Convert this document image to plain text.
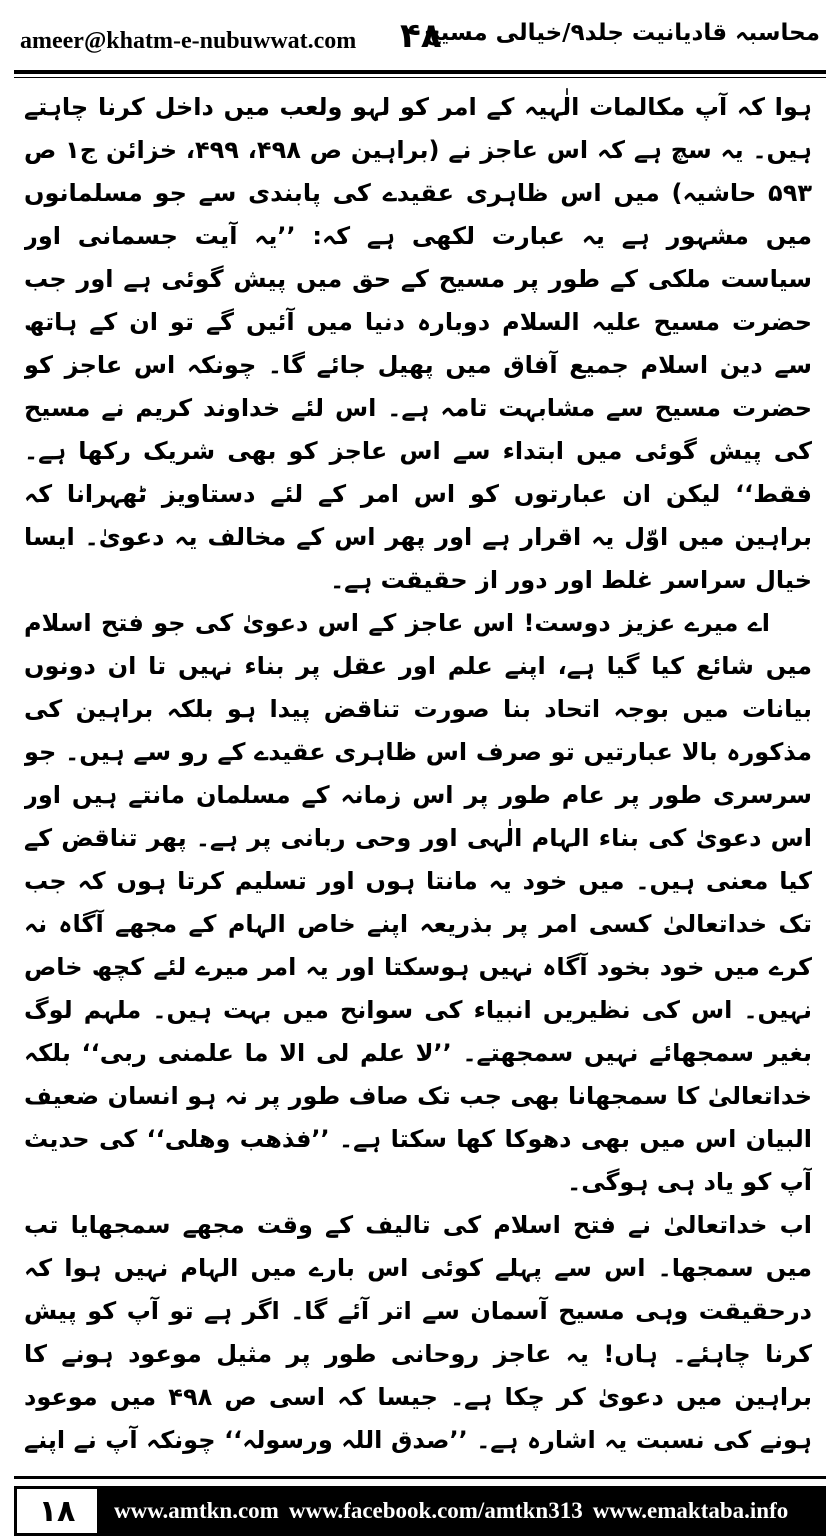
ameer@khatm-e-nubuwwat.com ۴۸
محاسبہ قادیانیت جلد۹/خیالی مسیح

ہوا کہ آپ مکالمات الٰہیہ کے امر کو لہو ولعب میں داخل کرنا چاہتے ہیں۔ یہ سچ ہے کہ اس عاجز نے (براہین ص ۴۹۸، ۴۹۹، خزائن ج۱ ص ۵۹۳ حاشیہ) میں اس ظاہری عقیدے کی پابندی سے جو مسلمانوں میں مشہور ہے یہ عبارت لکھی ہے کہ: ’’یہ آیت جسمانی اور سیاست ملکی کے طور پر مسیح کے حق میں پیش گوئی ہے اور جب حضرت مسیح علیہ السلام دوبارہ دنیا میں آئیں گے تو ان کے ہاتھ سے دین اسلام جمیع آفاق میں پھیل جائے گا۔ چونکہ اس عاجز کو حضرت مسیح سے مشابہت تامہ ہے۔ اس لئے خداوند کریم نے مسیح کی پیش گوئی میں ابتداء سے اس عاجز کو بھی شریک رکھا ہے۔ فقط‘‘ لیکن ان عبارتوں کو اس امر کے لئے دستاویز ٹھہرانا کہ براہین میں اوّل یہ اقرار ہے اور پھر اس کے مخالف یہ دعویٰ۔ ایسا خیال سراسر غلط اور دور از حقیقت ہے۔

اے میرے عزیز دوست! اس عاجز کے اس دعویٰ کی جو فتح اسلام میں شائع کیا گیا ہے، اپنے علم اور عقل پر بناء نہیں تا ان دونوں بیانات میں بوجہ اتحاد بنا صورت تناقض پیدا ہو بلکہ براہین کی مذکورہ بالا عبارتیں تو صرف اس ظاہری عقیدے کے رو سے ہیں۔ جو سرسری طور پر عام طور پر اس زمانہ کے مسلمان مانتے ہیں اور اس دعویٰ کی بناء الہام الٰہی اور وحی ربانی پر ہے۔ پھر تناقض کے کیا معنی ہیں۔ میں خود یہ مانتا ہوں اور تسلیم کرتا ہوں کہ جب تک خداتعالیٰ کسی امر پر بذریعہ اپنے خاص الہام کے مجھے آگاہ نہ کرے میں خود بخود آگاہ نہیں ہوسکتا اور یہ امر میرے لئے کچھ خاص نہیں۔ اس کی نظیریں انبیاء کی سوانح میں بہت ہیں۔ ملہم لوگ بغیر سمجھائے نہیں سمجھتے۔ ’’لا علم لی الا ما علمنی ربی‘‘ بلکہ خداتعالیٰ کا سمجھانا بھی جب تک صاف طور پر نہ ہو انسان ضعیف البیان اس میں بھی دھوکا کھا سکتا ہے۔ ’’فذھب وھلی‘‘ کی حدیث آپ کو یاد ہی ہوگی۔

اب خداتعالیٰ نے فتح اسلام کی تالیف کے وقت مجھے سمجھایا تب میں سمجھا۔ اس سے پہلے کوئی اس بارے میں الہام نہیں ہوا کہ درحقیقت وہی مسیح آسمان سے اتر آئے گا۔ اگر ہے تو آپ کو پیش کرنا چاہئے۔ ہاں! یہ عاجز روحانی طور پر مثیل موعود ہونے کا براہین میں دعویٰ کر چکا ہے۔ جیسا کہ اسی ص ۴۹۸ میں موعود ہونے کی نسبت یہ اشارہ ہے۔ ’’صدق اللہ ورسولہ‘‘ چونکہ آپ نے اپنے

۱۸	www.amtkn.com www.facebook.com/amtkn313 www.emaktaba.info
